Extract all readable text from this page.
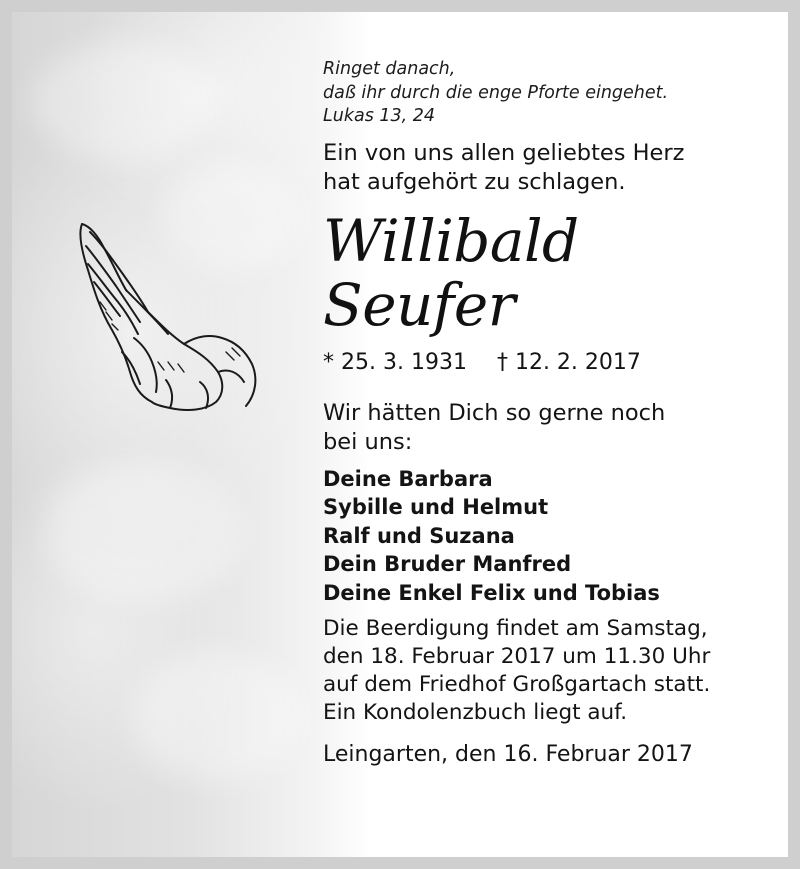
Ringet danach,
daß ihr durch die enge Pforte eingehet.
Lukas 13, 24
Ein von uns allen geliebtes Herz
hat aufgehört zu schlagen.
Willibald
Seufer
* 25. 3. 1931 † 12. 2. 2017
Wir hätten Dich so gerne noch
bei uns:
Deine Barbara
Sybille und Helmut
Ralf und Suzana
Dein Bruder Manfred
Deine Enkel Felix und Tobias
Die Beerdigung findet am Samstag,
den 18. Februar 2017 um 11.30 Uhr
auf dem Friedhof Großgartach statt.
Ein Kondolenzbuch liegt auf.
Leingarten, den 16. Februar 2017
